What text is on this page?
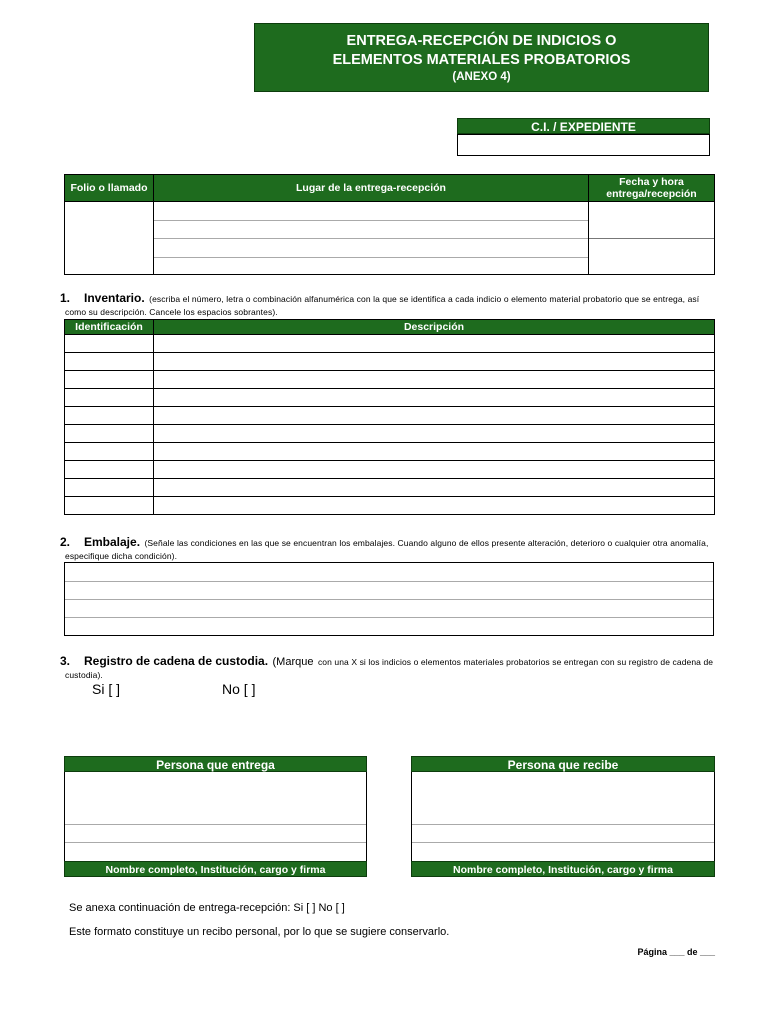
ENTREGA-RECEPCIÓN DE INDICIOS O
ELEMENTOS MATERIALES PROBATORIOS
(ANEXO 4)
C.I. / EXPEDIENTE
Folio o llamado	Lugar de la entrega-recepción	Fecha y hora entrega/recepción

1. Inventario. (escriba el número, letra o combinación alfanumérica con la que se identifica a cada indicio o elemento material probatorio que se entrega, así como su descripción. Cancele los espacios sobrantes).
Identificación	Descripción

2. Embalaje. (Señale las condiciones en las que se encuentran los embalajes. Cuando alguno de ellos presente alteración, deterioro o cualquier otra anomalía, especifique dicha condición).
3. Registro de cadena de custodia. (Marque con una X si los indicios o elementos materiales probatorios se entregan con su registro de cadena de custodia).
Si [ ]	No [ ]
Persona que entrega
Nombre completo, Institución, cargo y firma
Persona que recibe
Nombre completo, Institución, cargo y firma
Se anexa continuación de entrega-recepción: Si [ ] No [ ]
Este formato constituye un recibo personal, por lo que se sugiere conservarlo.
Página ___ de ___
